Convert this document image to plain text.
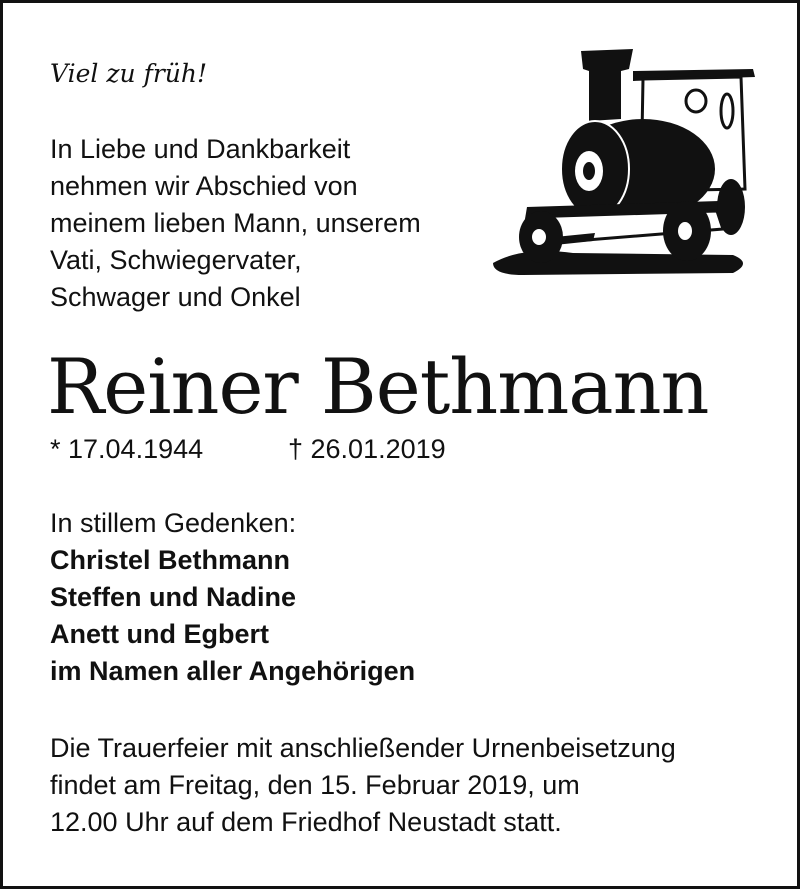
Viel zu früh!
In Liebe und Dankbarkeit
nehmen wir Abschied von
meinem lieben Mann, unserem
Vati, Schwiegervater,
Schwager und Onkel
Reiner Bethmann
* 17.04.1944	† 26.01.2019
In stillem Gedenken:
Christel Bethmann
Steffen und Nadine
Anett und Egbert
im Namen aller Angehörigen
Die Trauerfeier mit anschließender Urnenbeisetzung
findet am Freitag, den 15. Februar 2019, um
12.00 Uhr auf dem Friedhof Neustadt statt.
